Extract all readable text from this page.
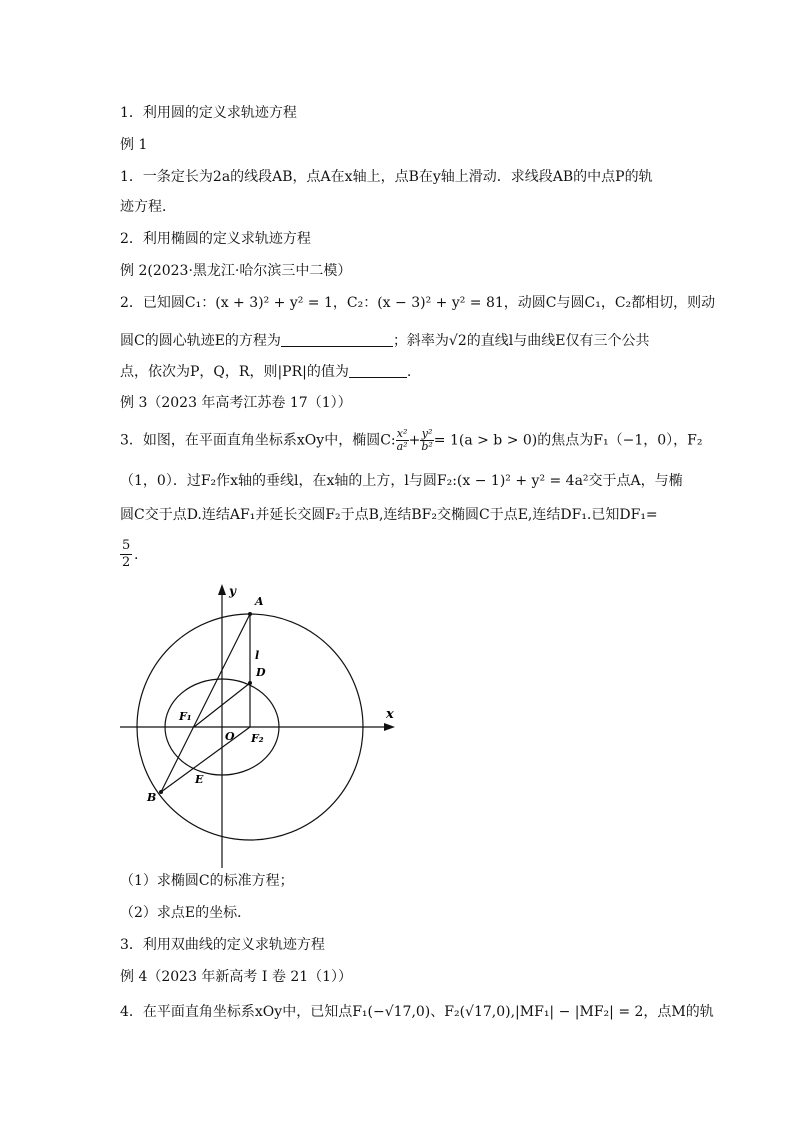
1．利用圆的定义求轨迹方程
例 1
1．一条定长为2a的线段AB，点A在x轴上，点B在y轴上滑动．求线段AB的中点P的轨
迹方程．
2．利用椭圆的定义求轨迹方程
例 2(2023·黑龙江·哈尔滨三中二模）
2．已知圆C₁：(x + 3)² + y² = 1，C₂：(x − 3)² + y² = 81，动圆C与圆C₁，C₂都相切，则动
圆C的圆心轨迹E的方程为	；斜率为√2的直线l与曲线E仅有三个公共
点，依次为P，Q，R，则|PR|的值为	.
例 3（2023 年高考江苏卷 17（1））
3．如图，在平面直角坐标系xOy中，椭圆C: $\frac{\text{x²}}{\text{a²}} + \frac{\text{y²}}{\text{b²}} = 1(a > b > 0)$的焦点为F₁（−1，0），F₂
（1，0）．过F₂作x轴的垂线l，在x轴的上方，l与圆F₂:(x − 1)² + y² = 4a²交于点A，与椭
圆C交于点D.连结AF₁并延长交圆F₂于点B,连结BF₂交椭圆C于点E,连结DF₁.已知DF₁=
$\frac{5}{2}$ .
y
x
A
l
D
F₁
O F₂
E
B
（1）求椭圆C的标准方程；
（2）求点E的坐标．
3．利用双曲线的定义求轨迹方程
例 4（2023 年新高考 I 卷 21（1））
4．在平面直角坐标系xOy中，已知点F₁(−√17,0)、F₂(√17,0),|MF₁| − |MF₂| = 2，点M的轨
